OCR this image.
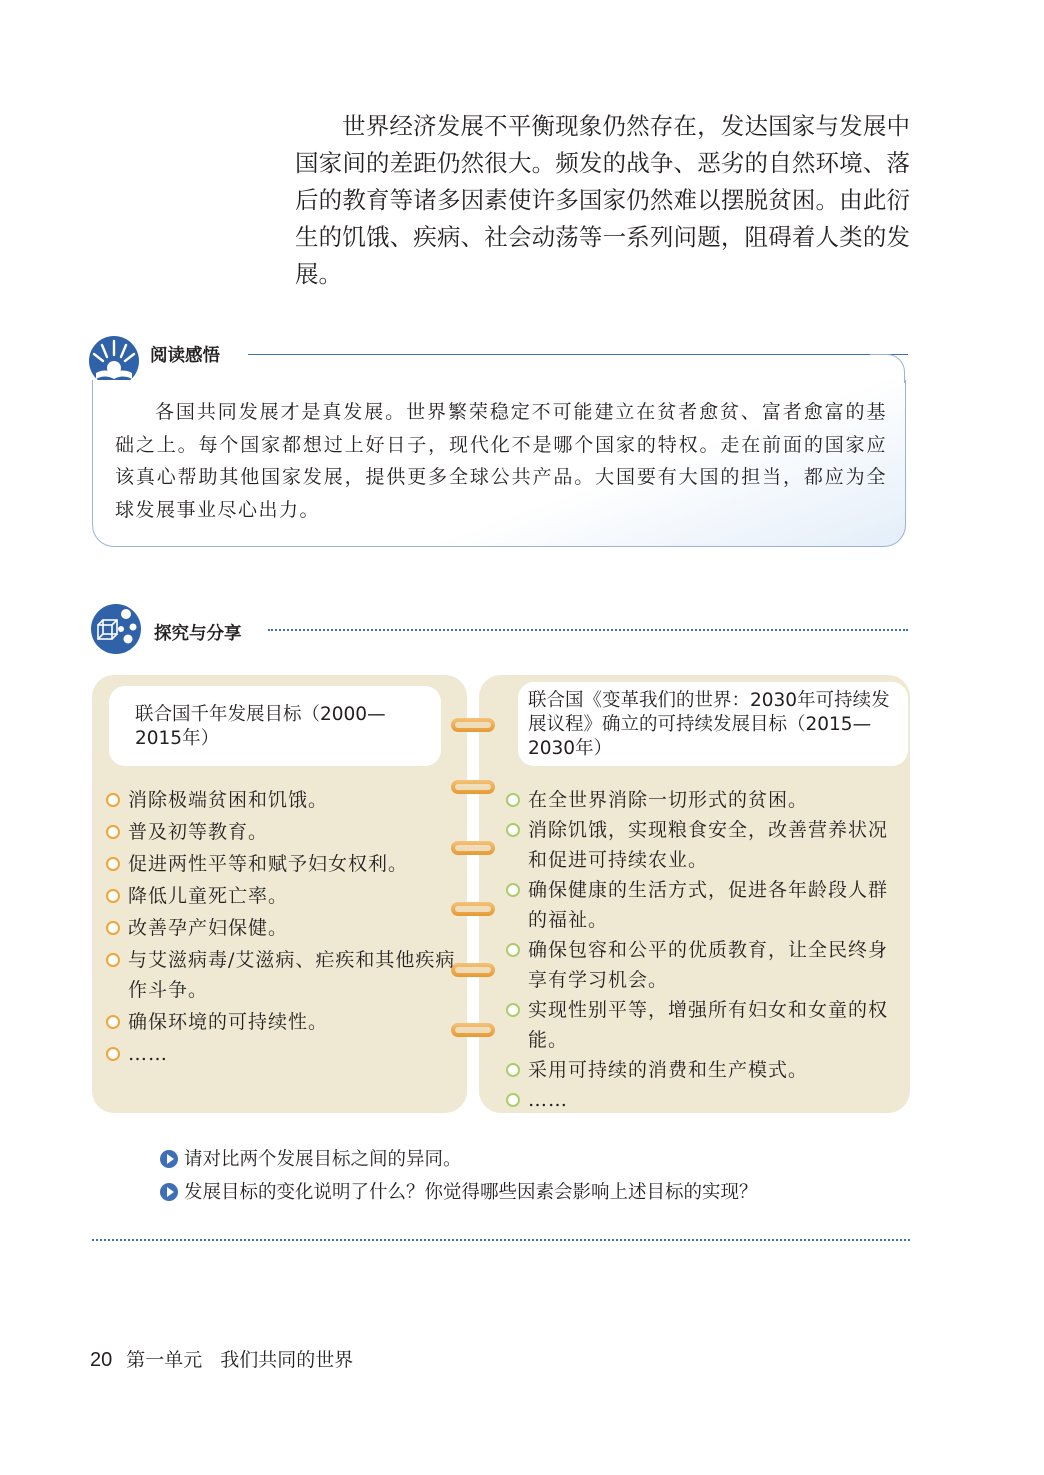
世界经济发展不平衡现象仍然存在，发达国家与发展中国家间的差距仍然很大。频发的战争、恶劣的自然环境、落后的教育等诸多因素使许多国家仍然难以摆脱贫困。由此衍生的饥饿、疾病、社会动荡等一系列问题，阻碍着人类的发展。

阅读感悟

各国共同发展才是真发展。世界繁荣稳定不可能建立在贫者愈贫、富者愈富的基础之上。每个国家都想过上好日子，现代化不是哪个国家的特权。走在前面的国家应该真心帮助其他国家发展，提供更多全球公共产品。大国要有大国的担当，都应为全球发展事业尽心出力。

探究与分享
联合国千年发展目标（2000—2015年）
联合国《变革我们的世界：2030年可持续发展议程》确立的可持续发展目标（2015—2030年）
消除极端贫困和饥饿。
普及初等教育。
促进两性平等和赋予妇女权利。
降低儿童死亡率。
改善孕产妇保健。
与艾滋病毒/艾滋病、疟疾和其他疾病作斗争。
确保环境的可持续性。
……
在全世界消除一切形式的贫困。
消除饥饿，实现粮食安全，改善营养状况和促进可持续农业。
确保健康的生活方式，促进各年龄段人群的福祉。
确保包容和公平的优质教育，让全民终身享有学习机会。
实现性别平等，增强所有妇女和女童的权能。
采用可持续的消费和生产模式。
……
请对比两个发展目标之间的异同。
发展目标的变化说明了什么？你觉得哪些因素会影响上述目标的实现？
20 第一单元 我们共同的世界
